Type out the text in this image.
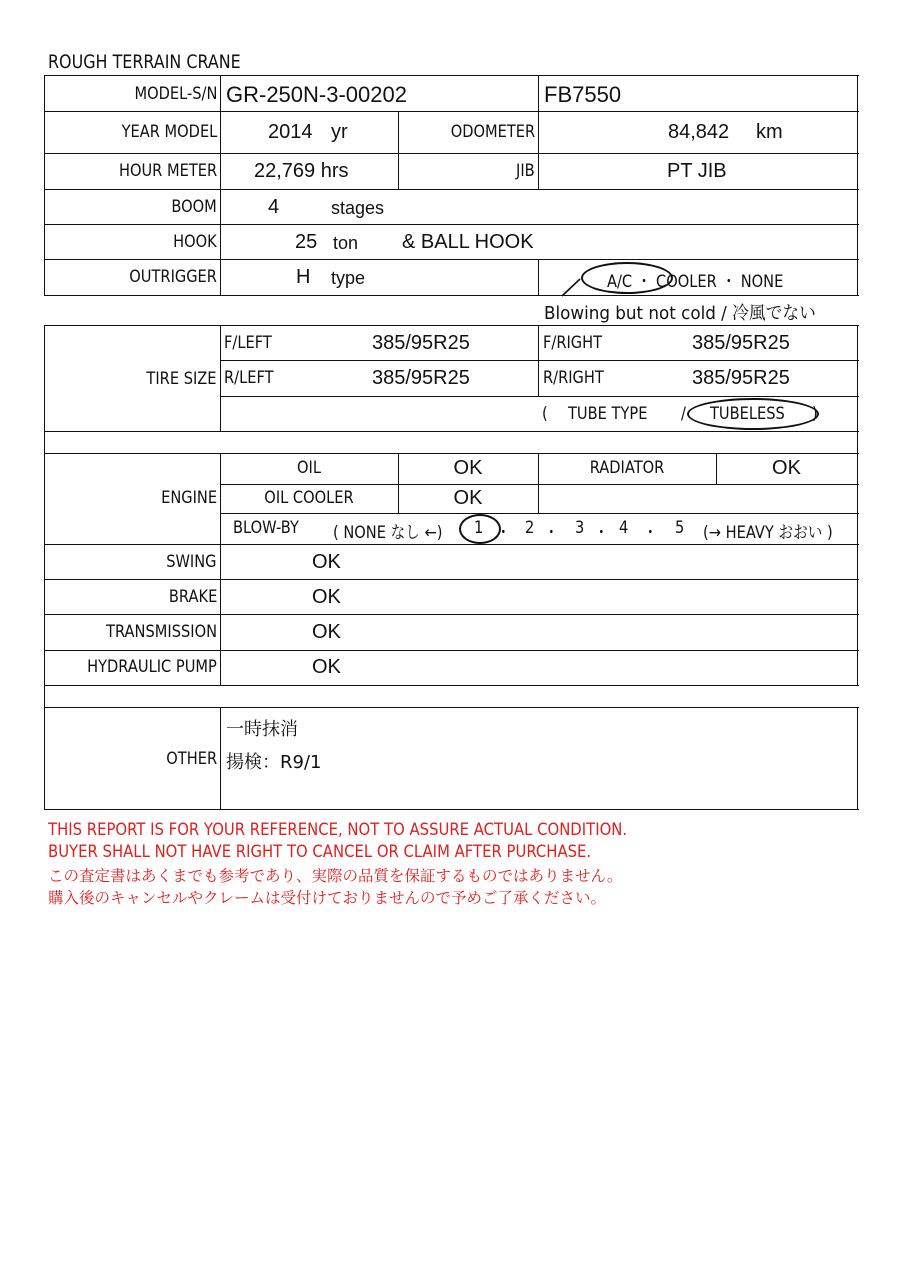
ROUGH TERRAIN CRANE
MODEL-S/N GR-250N-3-00202	FB7550
YEAR MODEL	2014 yr	ODOMETER	84,842 km
HOUR METER 22,769 hrs	JIB	PT JIB
BOOM	4	stages
HOOK	25 ton & BALL HOOK
OUTRIGGER	H type	A/C ・ COOLER ・ NONE
Blowing but not cold / 冷風でない
TIRE SIZE
F/LEFT	385/95R25	F/RIGHT	385/95R25
R/LEFT	385/95R25	R/RIGHT	385/95R25
( TUBE TYPE / TUBELESS )
ENGINE
OIL	OK	RADIATOR	OK
OIL COOLER	OK
BLOW-BY ( NONE なし ←) 1 ・ 2 ・ 3 ・ 4 ・ 5 (→ HEAVY おおい )
SWING	OK
BRAKE	OK
TRANSMISSION	OK
HYDRAULIC PUMP	OK
OTHER
一時抹消
揚検：R9/1
THIS REPORT IS FOR YOUR REFERENCE, NOT TO ASSURE ACTUAL CONDITION.
BUYER SHALL NOT HAVE RIGHT TO CANCEL OR CLAIM AFTER PURCHASE.
この査定書はあくまでも参考であり、実際の品質を保証するものではありません。
購入後のキャンセルやクレームは受付けておりませんので予めご了承ください。
